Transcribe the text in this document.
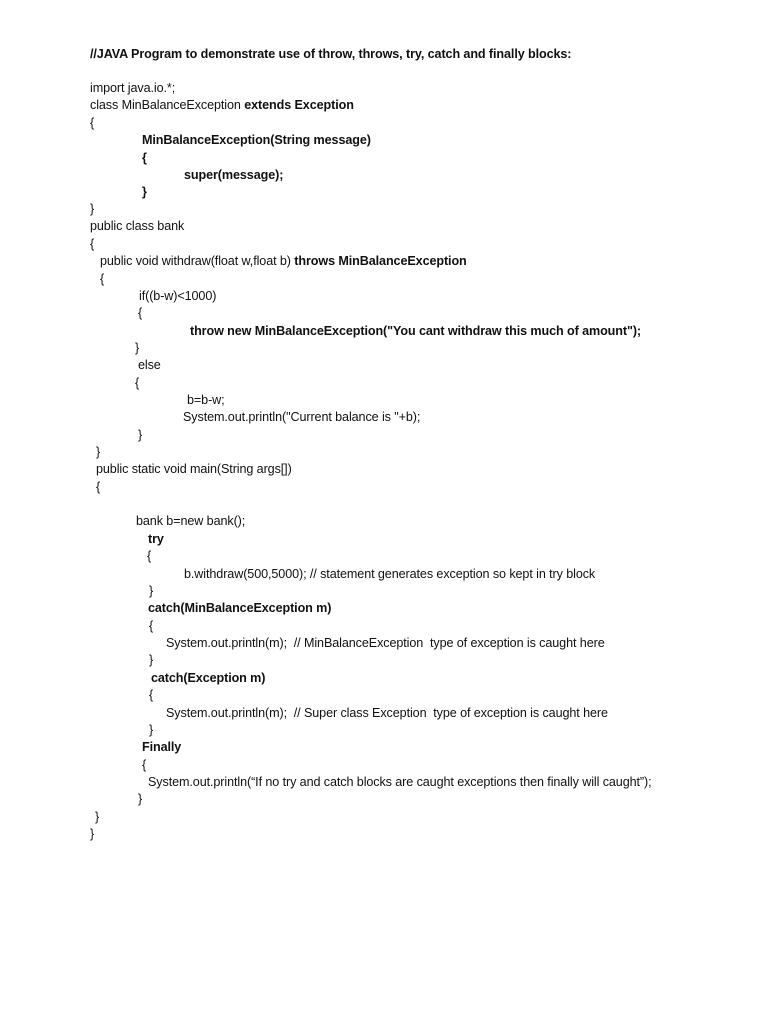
//JAVA Program to demonstrate use of throw, throws, try, catch and finally blocks:
import java.io.*;
class MinBalanceException extends Exception
{
MinBalanceException(String message)
{
super(message);
}
}
public class bank
{
public void withdraw(float w,float b) throws MinBalanceException
{
if((b-w)<1000)
{
throw new MinBalanceException("You cant withdraw this much of amount");
}
else
{
b=b-w;
System.out.println("Current balance is "+b);
}
}
public static void main(String args[])
{
bank b=new bank();
try
{
b.withdraw(500,5000); // statement generates exception so kept in try block
}
catch(MinBalanceException m)
{
System.out.println(m);  // MinBalanceException  type of exception is caught here
}
catch(Exception m)
{
System.out.println(m);  // Super class Exception  type of exception is caught here
}
Finally
{
System.out.println(“If no try and catch blocks are caught exceptions then finally will caught”);
}
}
}
